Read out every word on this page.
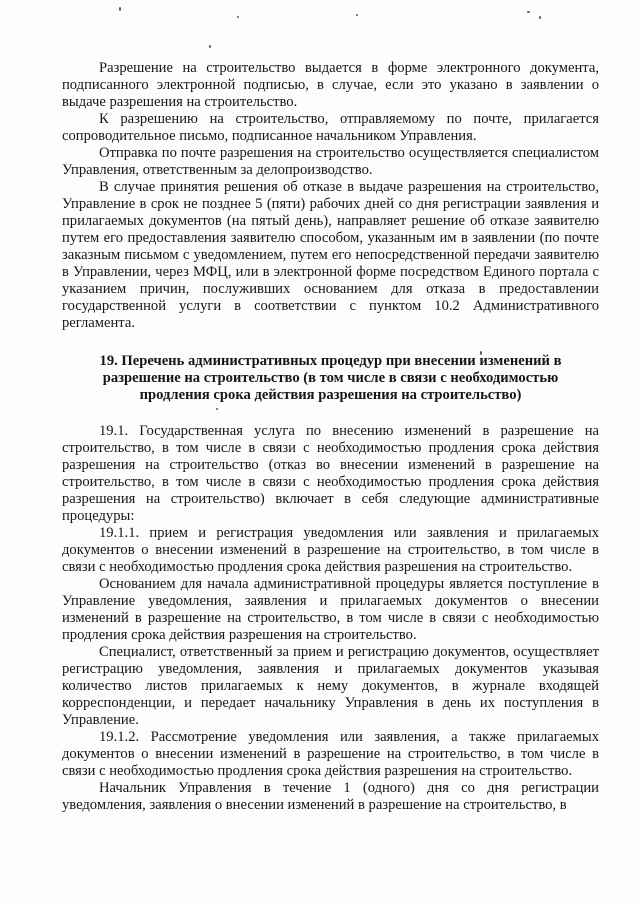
Разрешение на строительство выдается в форме электронного документа, подписанного электронной подписью, в случае, если это указано в заявлении о выдаче разрешения на строительство.

К разрешению на строительство, отправляемому по почте, прилагается сопроводительное письмо, подписанное начальником Управления.

Отправка по почте разрешения на строительство осуществляется специалистом Управления, ответственным за делопроизводство.

В случае принятия решения об отказе в выдаче разрешения на строительство, Управление в срок не позднее 5 (пяти) рабочих дней со дня регистрации заявления и прилагаемых документов (на пятый день), направляет решение об отказе заявителю путем его предоставления заявителю способом, указанным им в заявлении (по почте заказным письмом с уведомлением, путем его непосредственной передачи заявителю в Управлении, через МФЦ, или в электронной форме посредством Единого портала с указанием причин, послуживших основанием для отказа в предоставлении государственной услуги в соответствии с пунктом 10.2 Административного регламента.

19. Перечень административных процедур при внесении изменений в разрешение на строительство (в том числе в связи с необходимостью продления срока действия разрешения на строительство)

19.1. Государственная услуга по внесению изменений в разрешение на строительство, в том числе в связи с необходимостью продления срока действия разрешения на строительство (отказ во внесении изменений в разрешение на строительство, в том числе в связи с необходимостью продления срока действия разрешения на строительство) включает в себя следующие административные процедуры:

19.1.1. прием и регистрация уведомления или заявления и прилагаемых документов о внесении изменений в разрешение на строительство, в том числе в связи с необходимостью продления срока действия разрешения на строительство.

Основанием для начала административной процедуры является поступление в Управление уведомления, заявления и прилагаемых документов о внесении изменений в разрешение на строительство, в том числе в связи с необходимостью продления срока действия разрешения на строительство.

Специалист, ответственный за прием и регистрацию документов, осуществляет регистрацию уведомления, заявления и прилагаемых документов указывая количество листов прилагаемых к нему документов, в журнале входящей корреспонденции, и передает начальнику Управления в день их поступления в Управление.

19.1.2. Рассмотрение уведомления или заявления, а также прилагаемых документов о внесении изменений в разрешение на строительство, в том числе в связи с необходимостью продления срока действия разрешения на строительство.

Начальник Управления в течение 1 (одного) дня со дня регистрации уведомления, заявления о внесении изменений в разрешение на строительство, в
